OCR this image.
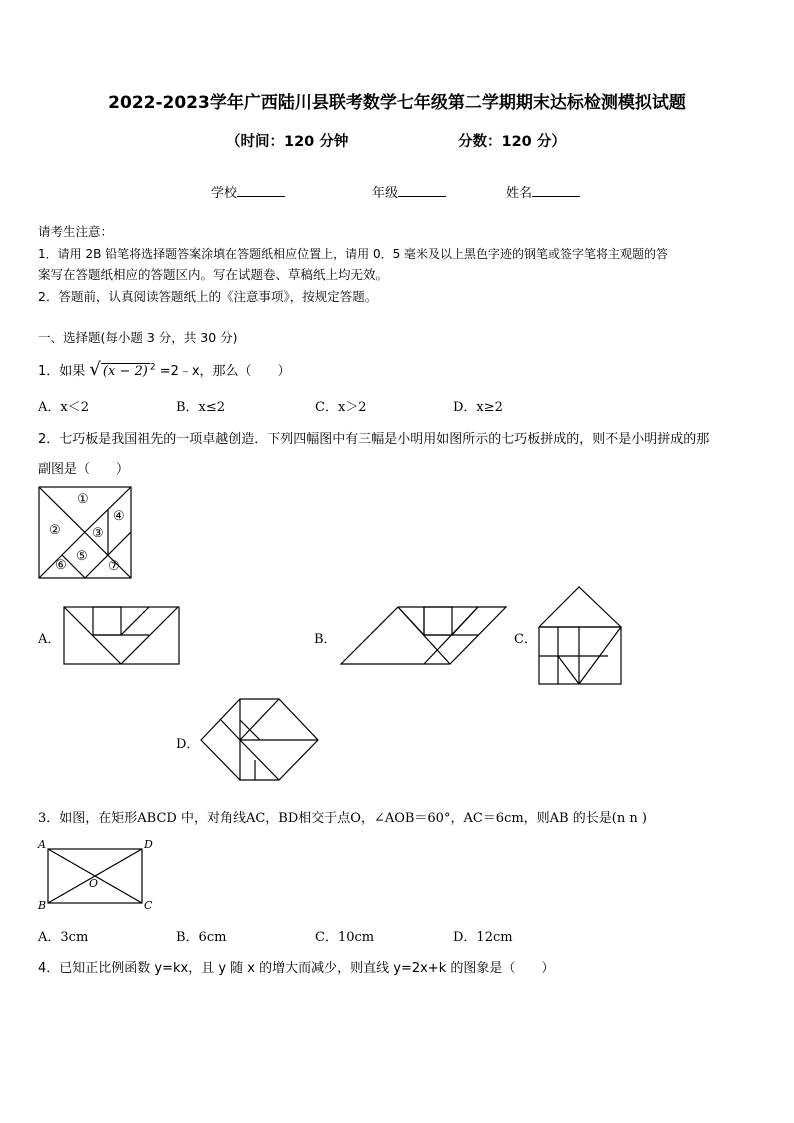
2022-2023学年广西陆川县联考数学七年级第二学期期末达标检测模拟试题
（时间：120 分钟	分数：120 分）
学校	年级	姓名
请考生注意：
1．请用 2B 铅笔将选择题答案涂填在答题纸相应位置上，请用 0．5 毫米及以上黑色字迹的钢笔或签字笔将主观题的答
案写在答题纸相应的答题区内。写在试题卷、草稿纸上均无效。
2．答题前，认真阅读答题纸上的《注意事项》，按规定答题。
一、选择题(每小题 3 分，共 30 分)
1．如果 √ (x − 2) $^2$ =2﹣x，那么（　　）
A．x＜2	B．x≤2	C．x＞2	D．x≥2
2．七巧板是我国祖先的一项卓越创造．下列四幅图中有三幅是小明用如图所示的七巧板拼成的，则不是小明拼成的那
副图是（　　）
①
② ③
④
⑤
⑥	⑦
A．	B．	C．
D．
3．如图，在矩形ABCD 中，对角线AC，BD相交于点O，∠AOB＝60°，AC＝6cm，则AB 的长是(n n )
A	D
B	C
O
A．3cm	B．6cm	C．10cm	D．12cm
4．已知正比例函数 y=kx，且 y 随 x 的增大而减少，则直线 y=2x+k 的图象是（　　）
